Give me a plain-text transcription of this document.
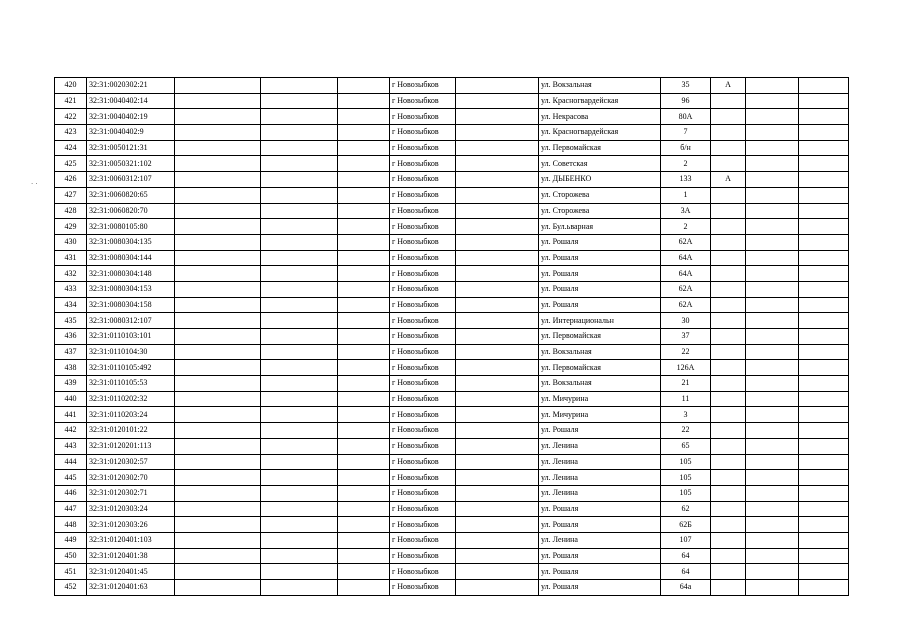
· ·
420	32:31:0020302:21				г Новозыбков		ул. Вокзальная	35	А		
421	32:31:0040402:14				г Новозыбков		ул. Красногвардейская	96			
422	32:31:0040402:19				г Новозыбков		ул. Некрасова	80А			
423	32:31:0040402:9				г Новозыбков		ул. Красногвардейская	7			
424	32:31:0050121:31				г Новозыбков		ул. Первомайская	б/н			
425	32:31:0050321:102				г Новозыбков		ул. Советская	2			
426	32:31:0060312:107				г Новозыбков		ул. ДЫБЕНКО	133	А		
427	32:31:0060820:65				г Новозыбков		ул. Сторожева	1			
428	32:31:0060820:70				г Новозыбков		ул. Сторожева	3А			
429	32:31:0080105:80				г Новозыбков		ул. Бул.ьварная	2			
430	32:31:0080304:135				г Новозыбков		ул. Рошаля	62А			
431	32:31:0080304:144				г Новозыбков		ул. Рошаля	64А			
432	32:31:0080304:148				г Новозыбков		ул. Рошаля	64А			
433	32:31:0080304:153				г Новозыбков		ул. Рошаля	62А			
434	32:31:0080304:158				г Новозыбков		ул. Рошаля	62А			
435	32:31:0080312:107				г Новозыбков		ул. Интернациональн	30			
436	32:31:0110103:101				г Новозыбков		ул. Первомайская	37			
437	32:31:0110104:30				г Новозыбков		ул. Вокзальная	22			
438	32:31:0110105:492				г Новозыбков		ул. Первомайская	126А			
439	32:31:0110105:53				г Новозыбков		ул. Вокзальная	21			
440	32:31:0110202:32				г Новозыбков		ул. Мичурина	11			
441	32:31:0110203:24				г Новозыбков		ул. Мичурина	3			
442	32:31:0120101:22				г Новозыбков		ул. Рошаля	22			
443	32:31:0120201:113				г Новозыбков		ул. Ленина	65			
444	32:31:0120302:57				г Новозыбков		ул. Ленина	105			
445	32:31:0120302:70				г Новозыбков		ул. Ленина	105			
446	32:31:0120302:71				г Новозыбков		ул. Ленина	105			
447	32:31:0120303:24				г Новозыбков		ул. Рошаля	62			
448	32:31:0120303:26				г Новозыбков		ул. Рошаля	62Б			
449	32:31:0120401:103				г Новозыбков		ул. Ленина	107			
450	32:31:0120401:38				г Новозыбков		ул. Рошаля	64			
451	32:31:0120401:45				г Новозыбков		ул. Рошаля	64			
452	32:31:0120401:63				г Новозыбков		ул. Рошаля	64а			
